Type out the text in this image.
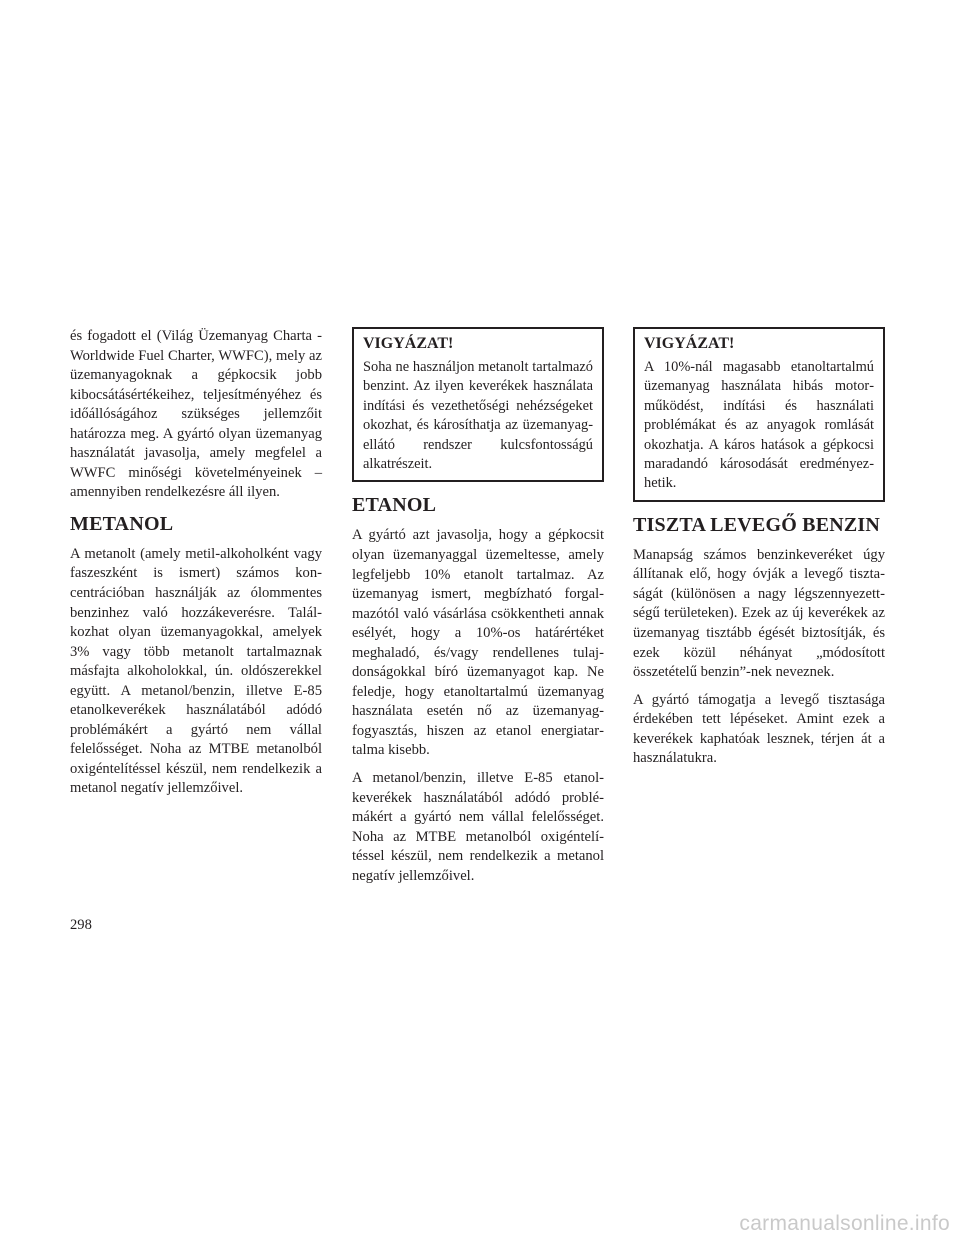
és fogadott el (Világ Üzemanyag Charta - Worldwide Fuel Charter, WWFC), mely az üzemanyagoknak a gépkocsik jobb kibocsátásértékeihez, teljesítményéhez és időállóságához szükséges jellemzőit határozza meg. A gyártó olyan üzemanyag használatát javasolja, amely megfelel a WWFC minőségi követelményeinek – amennyiben rendelkezésre áll ilyen.

METANOL

A metanolt (amely metil-alkoholként vagy faszeszként is ismert) számos koncentrációban használják az ólommentes benzinhez való hozzákeverésre. Találkozhat olyan üzemanyagokkal, amelyek 3% vagy több metanolt tartalmaznak másfajta alkoholokkal, ún. oldószerekkel együtt. A metanol/benzin, illetve E-85 etanolkeverékek használatából adódó problémákért a gyártó nem vállal felelősséget. Noha az MTBE metanolból oxigéntelítéssel készül, nem rendelkezik a metanol negatív jellemzőivel.

VIGYÁZAT!

Soha ne használjon metanolt tartalmazó benzint. Az ilyen keverékek használata indítási és vezethetőségi nehézségeket okozhat, és károsíthatja az üzemanyag-ellátó rendszer kulcsfontosságú alkatrészeit.

ETANOL

A gyártó azt javasolja, hogy a gépkocsit olyan üzemanyaggal üzemeltesse, amely legfeljebb 10% etanolt tartalmaz. Az üzemanyag ismert, megbízható forgalmazótól való vásárlása csökkentheti annak esélyét, hogy a 10%-os határértéket meghaladó, és/vagy rendellenes tulajdonságokkal bíró üzemanyagot kap. Ne feledje, hogy etanoltartalmú üzemanyag használata esetén nő az üzemanyagfogyasztás, hiszen az etanol energiatartalma kisebb.

A metanol/benzin, illetve E-85 etanolkeverékek használatából adódó problémákért a gyártó nem vállal felelősséget. Noha az MTBE metanolból oxigéntelítéssel készül, nem rendelkezik a metanol negatív jellemzőivel.

VIGYÁZAT!

A 10%-nál magasabb etanoltartalmú üzemanyag használata hibás motorműködést, indítási és használati problémákat és az anyagok romlását okozhatja. A káros hatások a gépkocsi maradandó károsodását eredményezhetik.

TISZTA LEVEGŐ BENZIN

Manapság számos benzinkeveréket úgy állítanak elő, hogy óvják a levegő tisztaságát (különösen a nagy légszennyezettségű területeken). Ezek az új keverékek az üzemanyag tisztább égését biztosítják, és ezek közül néhányat „módosított összetételű benzin”-nek neveznek.

A gyártó támogatja a levegő tisztasága érdekében tett lépéseket. Amint ezek a keverékek kaphatóak lesznek, térjen át a használatukra.

298
carmanualsonline.info
